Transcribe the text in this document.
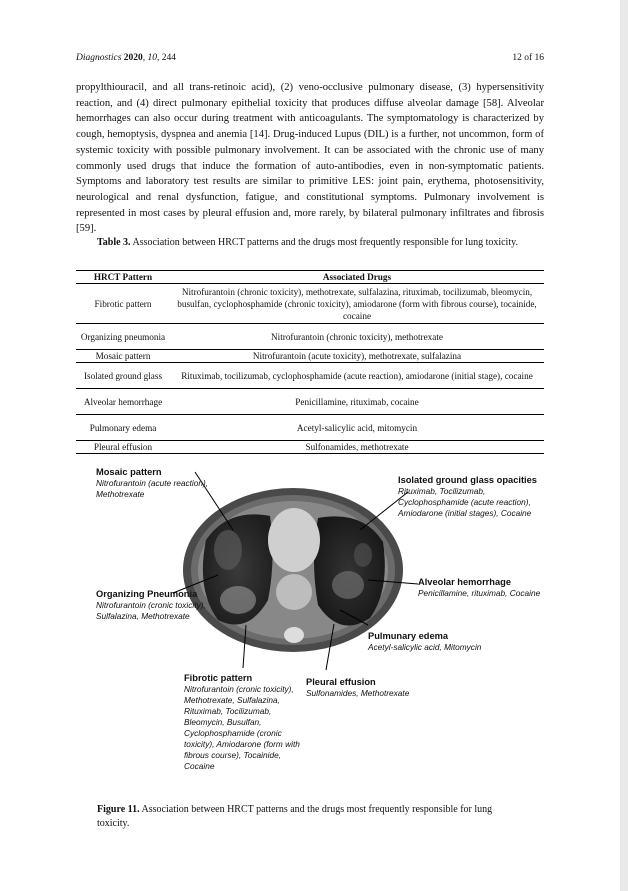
Diagnostics 2020, 10, 244	12 of 16
propylthiouracil, and all trans-retinoic acid), (2) veno-occlusive pulmonary disease, (3) hypersensitivity reaction, and (4) direct pulmonary epithelial toxicity that produces diffuse alveolar damage [58]. Alveolar hemorrhages can also occur during treatment with anticoagulants. The symptomatology is characterized by cough, hemoptysis, dyspnea and anemia [14]. Drug-induced Lupus (DIL) is a further, not uncommon, form of systemic toxicity with possible pulmonary involvement. It can be associated with the chronic use of many commonly used drugs that induce the formation of auto-antibodies, even in non-symptomatic patients. Symptoms and laboratory test results are similar to primitive LES: joint pain, erythema, photosensitivity, neurological and renal dysfunction, fatigue, and constitutional symptoms. Pulmonary involvement is represented in most cases by pleural effusion and, more rarely, by bilateral pulmonary infiltrates and fibrosis [59].
Table 3. Association between HRCT patterns and the drugs most frequently responsible for lung toxicity.
HRCT Pattern	Associated Drugs
Fibrotic pattern	Nitrofurantoin (chronic toxicity), methotrexate, sulfalazina, rituximab, tocilizumab, bleomycin, busulfan, cyclophosphamide (chronic toxicity), amiodarone (form with fibrous course), tocainide, cocaine
Organizing pneumonia	Nitrofurantoin (chronic toxicity), methotrexate
Mosaic pattern	Nitrofurantoin (acute toxicity), methotrexate, sulfalazina
Isolated ground glass	Rituximab, tocilizumab, cyclophosphamide (acute reaction), amiodarone (initial stage), cocaine
Alveolar hemorrhage	Penicillamine, rituximab, cocaine
Pulmonary edema	Acetyl-salicylic acid, mitomycin
Pleural effusion	Sulfonamides, methotrexate
Mosaic pattern
Nitrofurantoin (acute reaction), Methotrexate
Isolated ground glass opacities
Rituximab, Tocilizumab, Cyclophosphamide (acute reaction), Amiodarone (initial stages), Cocaine
Alveolar hemorrhage
Penicillamine, rituximab, Cocaine
Organizing Pneumonia
Nitrofurantoin (cronic toxicity), Sulfalazina, Methotrexate
Pulmunary edema
Acetyl-salicylic acid, Mitomycin
Fibrotic pattern
Nitrofurantoin (cronic toxicity), Methotrexate, Sulfalazina, Rituximab, Tocilizumab, Bleomycin, Busulfan, Cyclophosphamide (cronic toxicity), Amiodarone (form with fibrous course), Tocainide, Cocaine
Pleural effusion
Sulfonamides, Methotrexate
Figure 11. Association between HRCT patterns and the drugs most frequently responsible for lung toxicity.
